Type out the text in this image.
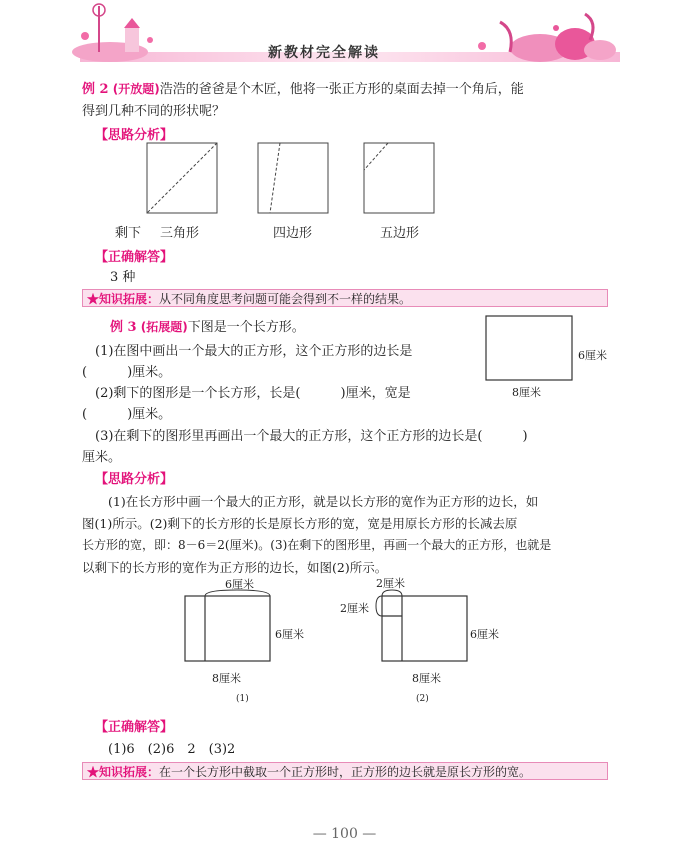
新教材完全解读
例 2 (开放题)浩浩的爸爸是个木匠，他将一张正方形的桌面去掉一个角后，能
得到几种不同的形状呢？
【思路分析】
剩下 三角形	四边形	五边形
【正确解答】
3 种
★知识拓展：从不同角度思考问题可能会得到不一样的结果。
例 3 (拓展题)下图是一个长方形。
(1)在图中画出一个最大的正方形，这个正方形的边长是
(	)厘米。
(2)剩下的图形是一个长方形，长是(	)厘米，宽是
(	)厘米。
(3)在剩下的图形里再画出一个最大的正方形，这个正方形的边长是(	)
厘米。
6厘米
8厘米
【思路分析】
(1)在长方形中画一个最大的正方形，就是以长方形的宽作为正方形的边长，如
图(1)所示。(2)剩下的长方形的长是原长方形的宽，宽是用原长方形的长减去原
长方形的宽，即：8－6＝2(厘米)。(3)在剩下的图形里，再画一个最大的正方形，也就是
以剩下的长方形的宽作为正方形的边长，如图(2)所示。
6厘米
6厘米
8厘米
(1)
2厘米
2厘米
6厘米
8厘米
(2)
【正确解答】
(1)6　(2)6　2　(3)2
★知识拓展：在一个长方形中截取一个正方形时，正方形的边长就是原长方形的宽。
— 100 —
